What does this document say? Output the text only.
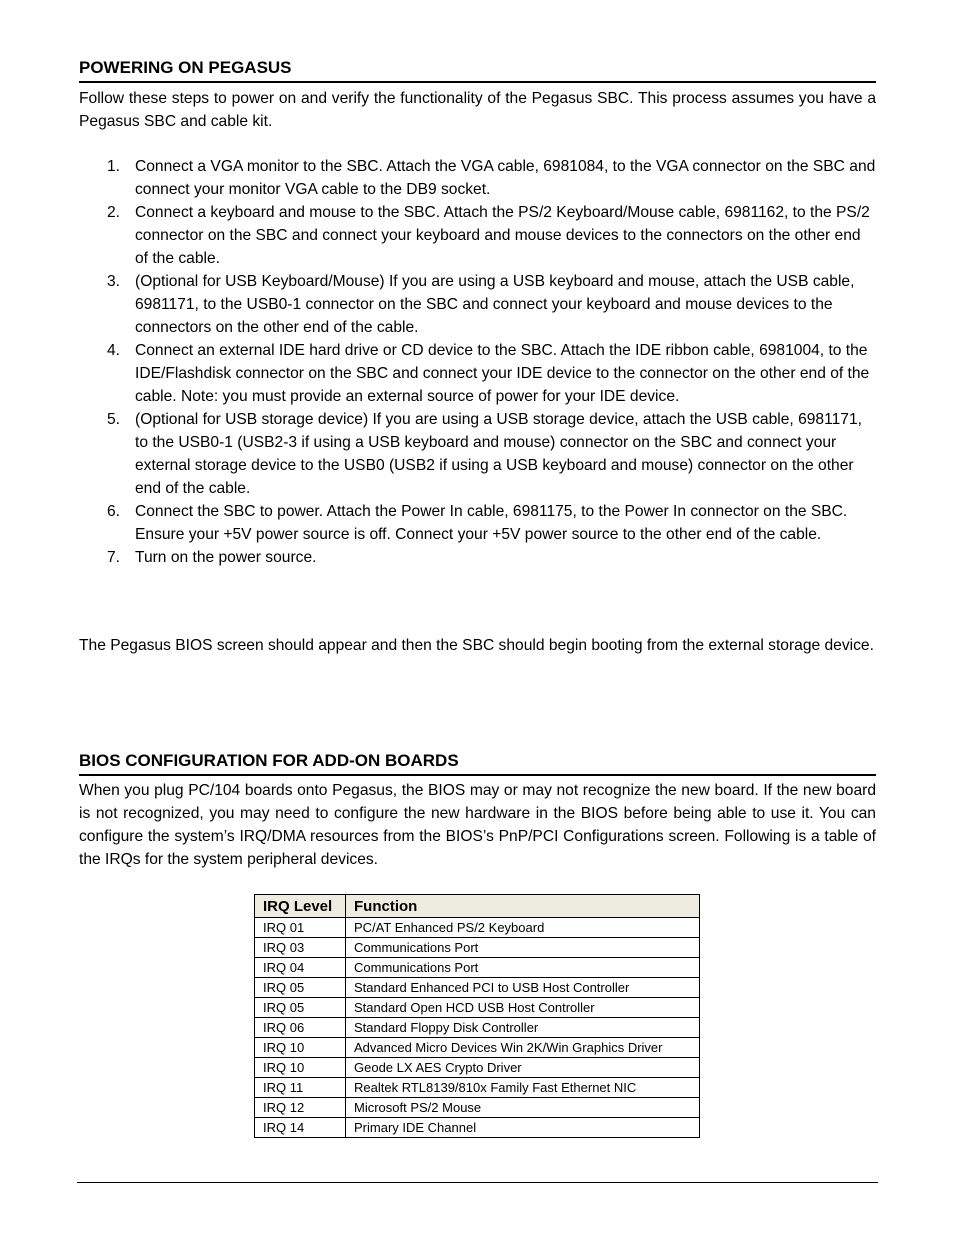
POWERING ON PEGASUS

Follow these steps to power on and verify the functionality of the Pegasus SBC. This process assumes you have a Pegasus SBC and cable kit.

1. Connect a VGA monitor to the SBC. Attach the VGA cable, 6981084, to the VGA connector on the SBC and connect your monitor VGA cable to the DB9 socket.
2. Connect a keyboard and mouse to the SBC. Attach the PS/2 Keyboard/Mouse cable, 6981162, to the PS/2 connector on the SBC and connect your keyboard and mouse devices to the connectors on the other end of the cable.
3. (Optional for USB Keyboard/Mouse) If you are using a USB keyboard and mouse, attach the USB cable, 6981171, to the USB0-1 connector on the SBC and connect your keyboard and mouse devices to the connectors on the other end of the cable.
4. Connect an external IDE hard drive or CD device to the SBC. Attach the IDE ribbon cable, 6981004, to the IDE/Flashdisk connector on the SBC and connect your IDE device to the connector on the other end of the cable. Note: you must provide an external source of power for your IDE device.
5. (Optional for USB storage device) If you are using a USB storage device, attach the USB cable, 6981171, to the USB0-1 (USB2-3 if using a USB keyboard and mouse) connector on the SBC and connect your external storage device to the USB0 (USB2 if using a USB keyboard and mouse) connector on the other end of the cable.
6. Connect the SBC to power. Attach the Power In cable, 6981175, to the Power In connector on the SBC. Ensure your +5V power source is off. Connect your +5V power source to the other end of the cable.
7. Turn on the power source.

The Pegasus BIOS screen should appear and then the SBC should begin booting from the external storage device.

BIOS CONFIGURATION FOR ADD-ON BOARDS

When you plug PC/104 boards onto Pegasus, the BIOS may or may not recognize the new board. If the new board is not recognized, you may need to configure the new hardware in the BIOS before being able to use it. You can configure the system’s IRQ/DMA resources from the BIOS’s PnP/PCI Configurations screen. Following is a table of the IRQs for the system peripheral devices.

IRQ Level	Function
IRQ 01	PC/AT Enhanced PS/2 Keyboard
IRQ 03	Communications Port
IRQ 04	Communications Port
IRQ 05	Standard Enhanced PCI to USB Host Controller
IRQ 05	Standard Open HCD USB Host Controller
IRQ 06	Standard Floppy Disk Controller
IRQ 10	Advanced Micro Devices Win 2K/Win Graphics Driver
IRQ 10	Geode LX AES Crypto Driver
IRQ 11	Realtek RTL8139/810x Family Fast Ethernet NIC
IRQ 12	Microsoft PS/2 Mouse
IRQ 14	Primary IDE Channel
